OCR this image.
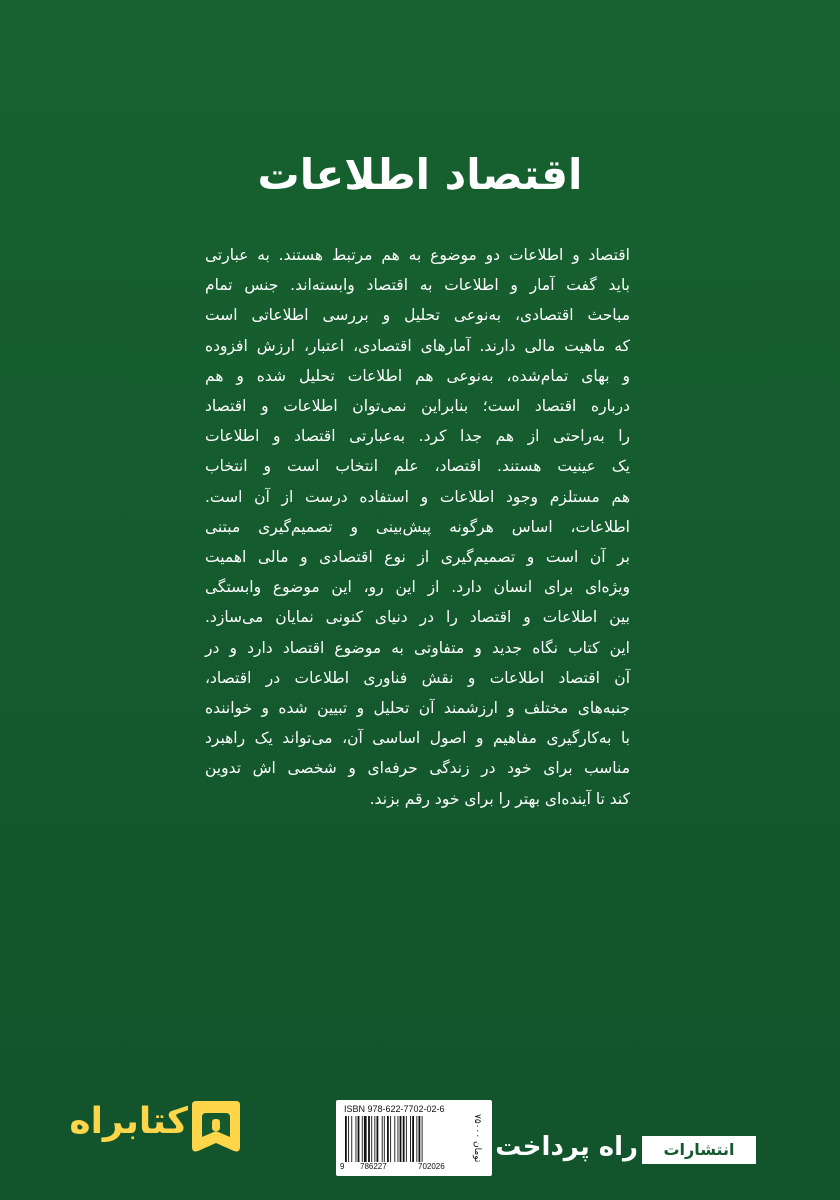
اقتصاد اطلاعات
اقتصاد و اطلاعات دو موضوع به هم مرتبط هستند. به عبارتی
باید گفت آمار و اطلاعات به اقتصاد وابسته‌اند. جنس تمام
مباحث اقتصادی، به‌نوعی تحلیل و بررسی اطلاعاتی است
که ماهیت مالی دارند. آمارهای اقتصادی، اعتبار، ارزش افزوده
و بهای تمام‌شده، به‌نوعی هم اطلاعات تحلیل شده و هم
درباره اقتصاد است؛ بنابراین نمی‌توان اطلاعات و اقتصاد
را به‌راحتی از هم جدا کرد. به‌عبارتی اقتصاد و اطلاعات
یک عینیت هستند. اقتصاد، علم انتخاب است و انتخاب
هم مستلزم وجود اطلاعات و استفاده درست از آن است.
اطلاعات، اساس هرگونه پیش‌بینی و تصمیم‌گیری مبتنی
بر آن است و تصمیم‌گیری از نوع اقتصادی و مالی اهمیت
ویژه‌ای برای انسان دارد. از این رو، این موضوع وابستگی
بین اطلاعات و اقتصاد را در دنیای کنونی نمایان می‌سازد.
این کتاب نگاه جدید و متفاوتی به موضوع اقتصاد دارد و در
آن اقتصاد اطلاعات و نقش فناوری اطلاعات در اقتصاد،
جنبه‌های مختلف و ارزشمند آن تحلیل و تبیین شده و خواننده
با به‌کارگیری مفاهیم و اصول اساسی آن، می‌تواند یک راهبرد
مناسب برای خود در زندگی حرفه‌ای و شخصی اش تدوین
کند تا آینده‌ای بهتر را برای خود رقم بزند.
کتابراه	ISBN 978-622-7702-02-6
9 786227	702026
۷۵۰۰۰ تومان	انتشارات
راه پرداخت
